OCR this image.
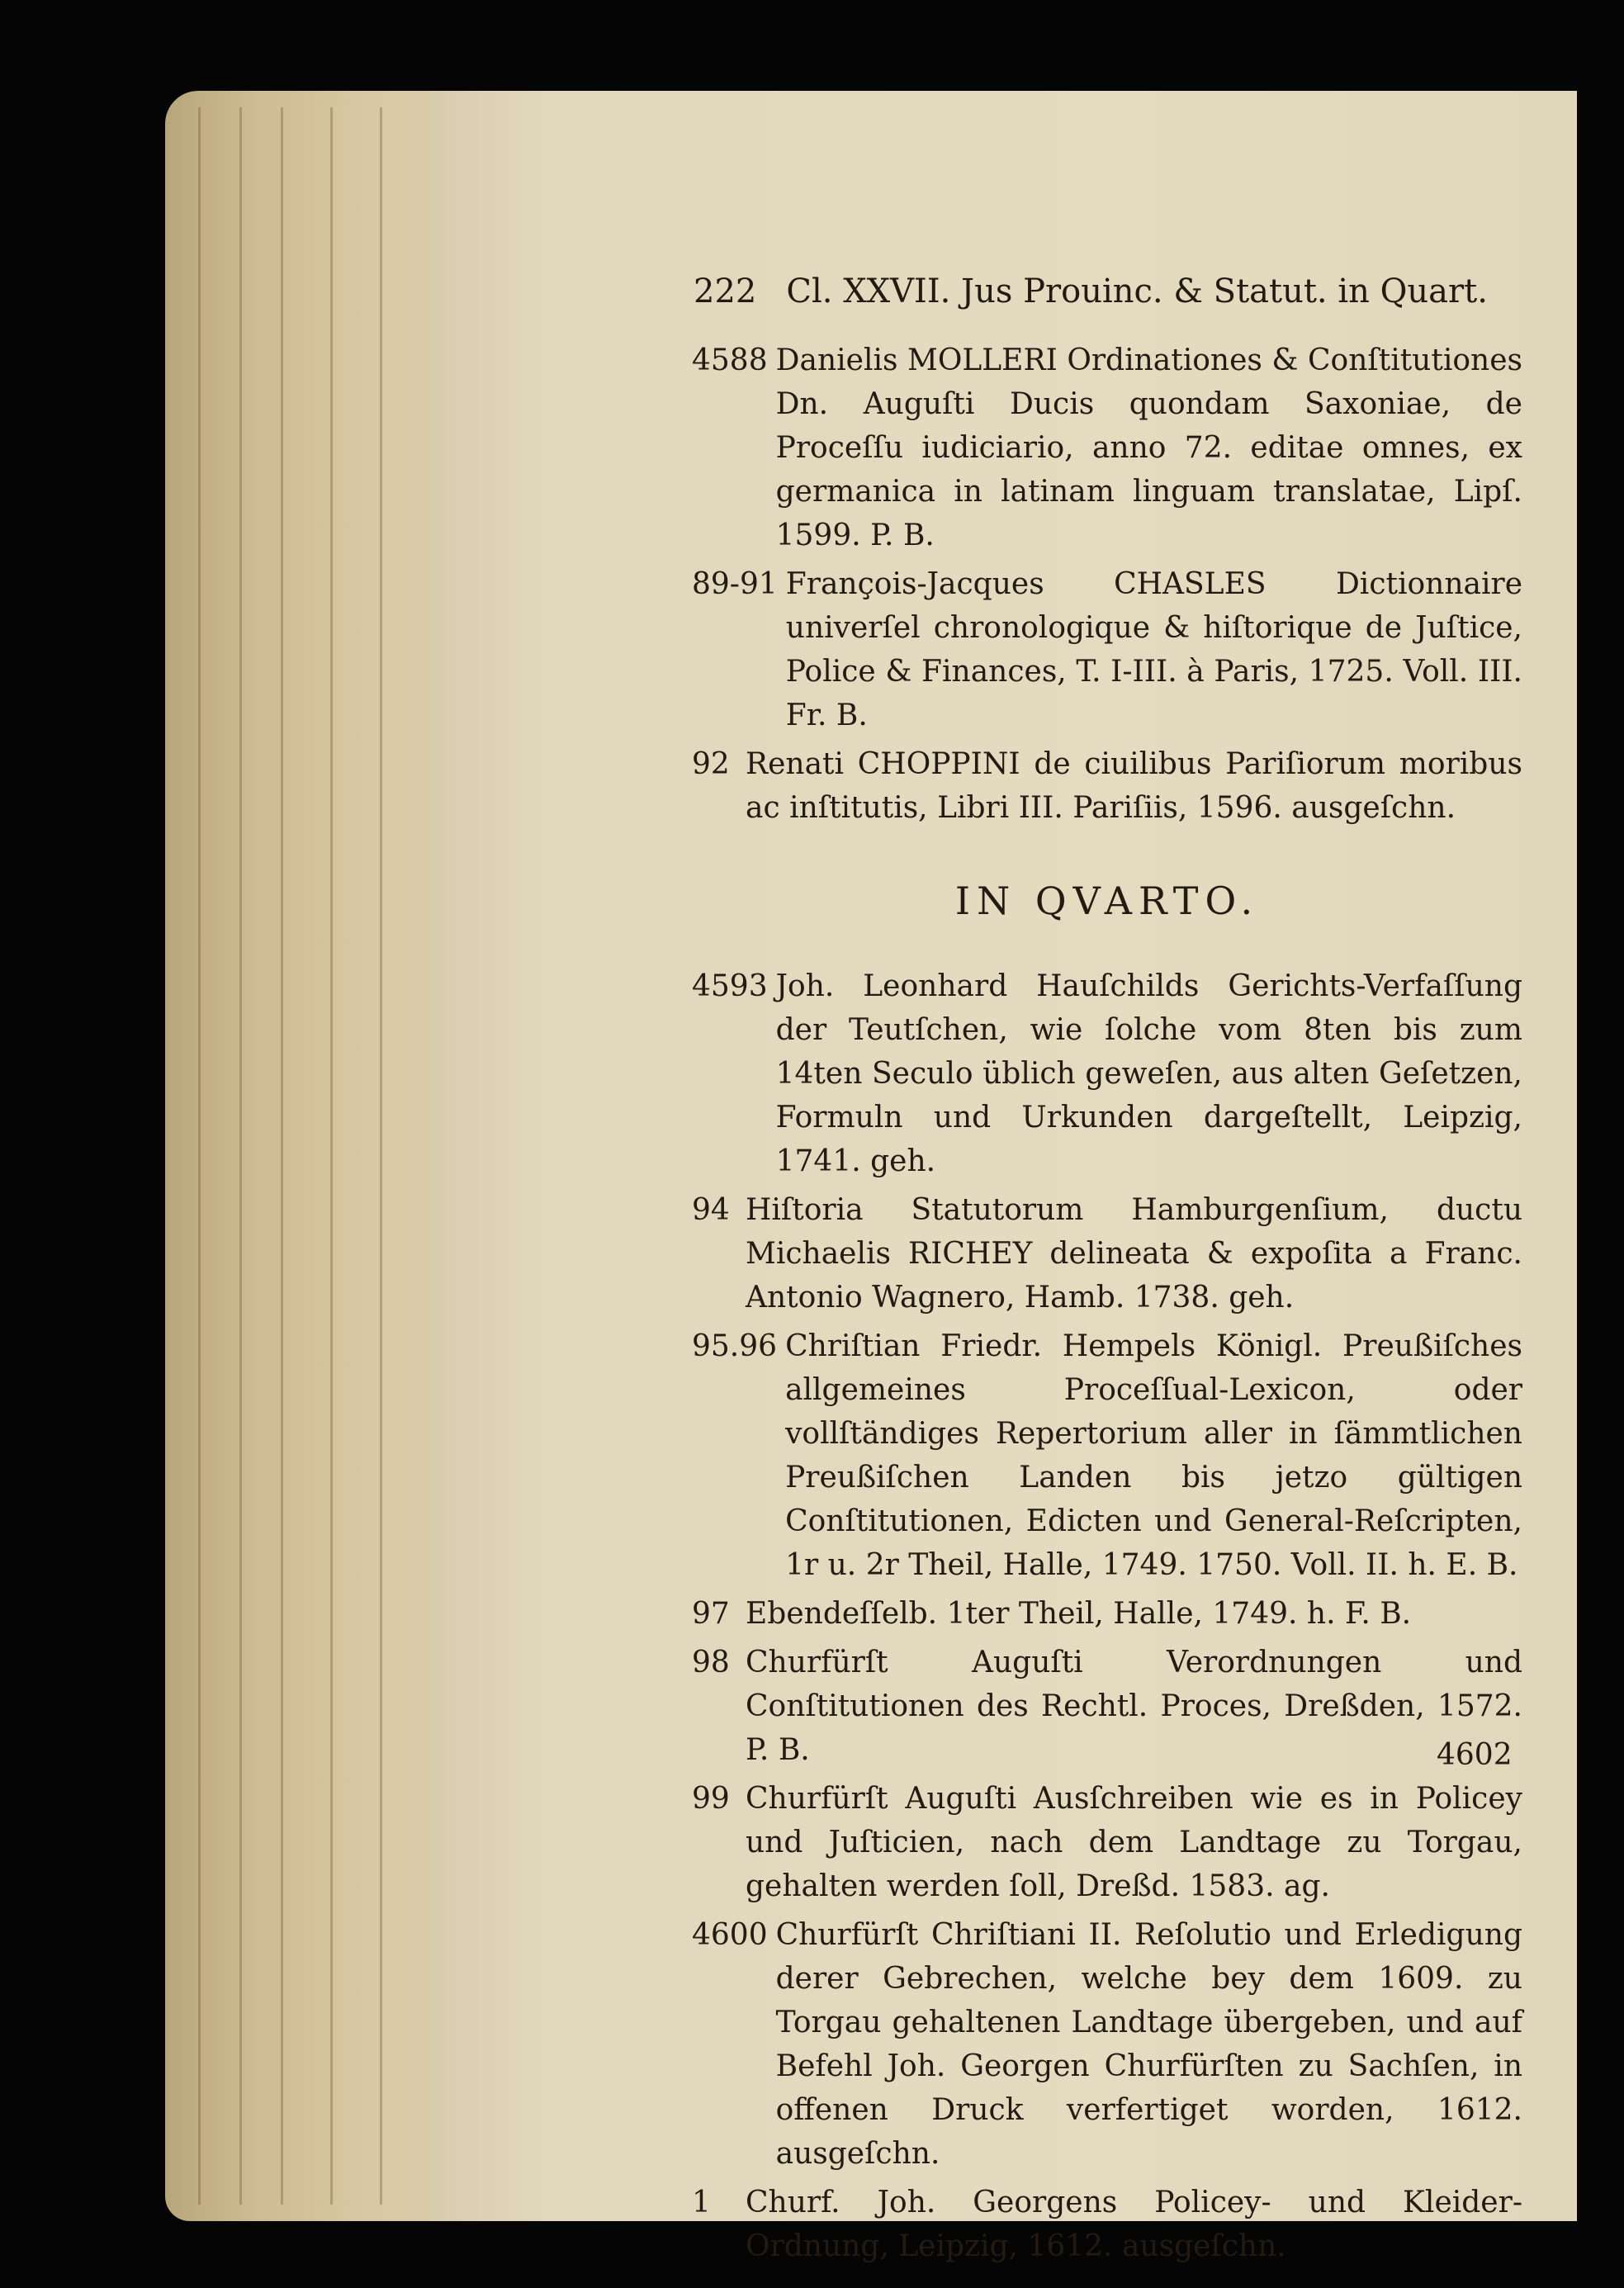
222 Cl. XXVII. Jus Prouinc. & Statut. in Quart.
4588 Danielis MOLLERI Ordinationes & Conſtitutiones Dn. Auguſti Ducis quondam Saxoniae, de Proceſſu iudiciario, anno 72. editae omnes, ex germanica in latinam linguam translatae, Lipſ. 1599. P. B.
89-91 François-Jacques CHASLES Dictionnaire univerſel chronologique & hiſtorique de Juſtice, Police & Finances, T. I-III. à Paris, 1725. Voll. III. Fr. B.
92 Renati CHOPPINI de ciuilibus Pariſiorum moribus ac inſtitutis, Libri III. Pariſiis, 1596. ausgeſchn.
IN QVARTO.
4593 Joh. Leonhard Hauſchilds Gerichts-Verfaſſung der Teutſchen, wie ſolche vom 8ten bis zum 14ten Seculo üblich geweſen, aus alten Geſetzen, Formuln und Urkunden dargeſtellt, Leipzig, 1741. geh.
94 Hiſtoria Statutorum Hamburgenſium, ductu Michaelis RICHEY delineata & expoſita a Franc. Antonio Wagnero, Hamb. 1738. geh.
95.96 Chriſtian Friedr. Hempels Königl. Preußiſches allgemeines Proceſſual-Lexicon, oder vollſtändiges Repertorium aller in ſämmtlichen Preußiſchen Landen bis jetzo gültigen Conſtitutionen, Edicten und General-Reſcripten, 1r u. 2r Theil, Halle, 1749. 1750. Voll. II. h. E. B.
97 Ebendeſſelb. 1ter Theil, Halle, 1749. h. F. B.
98 Churfürſt Auguſti Verordnungen und Conſtitutionen des Rechtl. Proces, Dreßden, 1572. P. B.
99 Churfürſt Auguſti Ausſchreiben wie es in Policey und Juſticien, nach dem Landtage zu Torgau, gehalten werden ſoll, Dreßd. 1583. ag.
4600 Churfürſt Chriſtiani II. Reſolutio und Erledigung derer Gebrechen, welche bey dem 1609. zu Torgau gehaltenen Landtage übergeben, und auf Befehl Joh. Georgen Churfürſten zu Sachſen, in offenen Druck verfertiget worden, 1612. ausgeſchn.
1	Churf. Joh. Georgens Policey- und Kleider-Ordnung, Leipzig, 1612. ausgeſchn.
4602
